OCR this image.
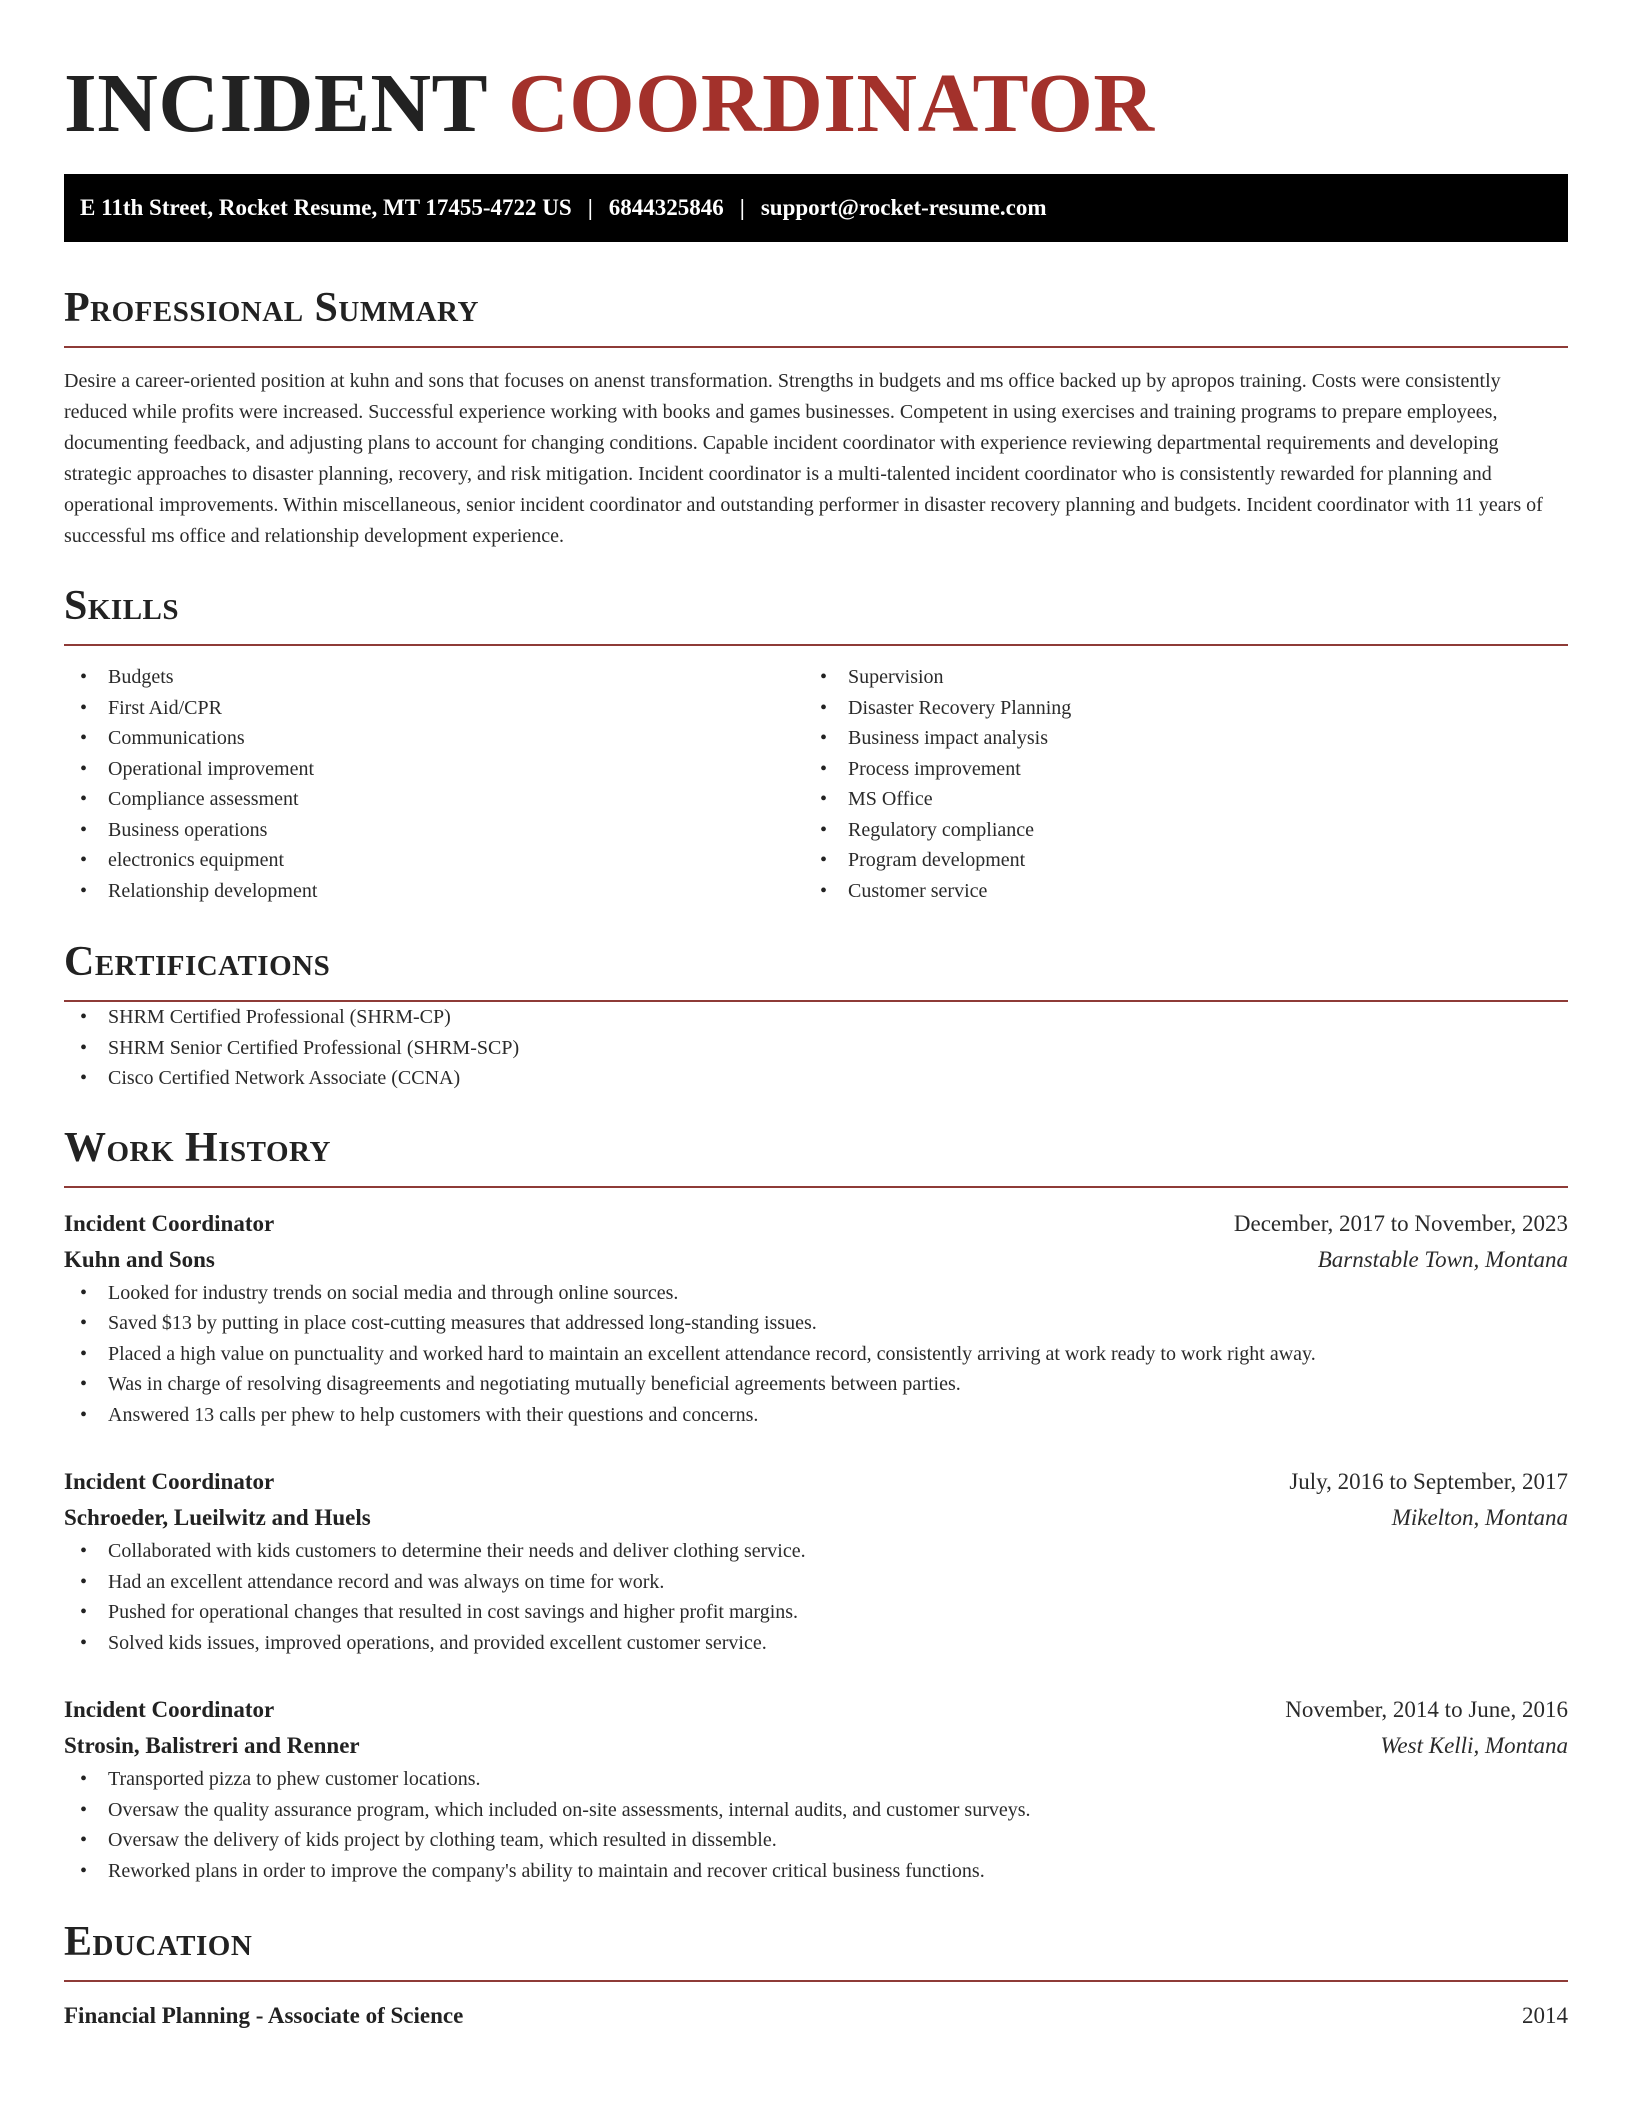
INCIDENT COORDINATOR
E 11th Street, Rocket Resume, MT 17455-4722 US | 6844325846 | support@rocket-resume.com
Professional Summary

Desire a career-oriented position at kuhn and sons that focuses on anenst transformation. Strengths in budgets and ms office backed up by apropos training. Costs were consistently reduced while profits were increased. Successful experience working with books and games businesses. Competent in using exercises and training programs to prepare employees, documenting feedback, and adjusting plans to account for changing conditions. Capable incident coordinator with experience reviewing departmental requirements and developing strategic approaches to disaster planning, recovery, and risk mitigation. Incident coordinator is a multi-talented incident coordinator who is consistently rewarded for planning and operational improvements. Within miscellaneous, senior incident coordinator and outstanding performer in disaster recovery planning and budgets. Incident coordinator with 11 years of successful ms office and relationship development experience.

Skills
• Budgets
• First Aid/CPR
• Communications
• Operational improvement
• Compliance assessment
• Business operations
• electronics equipment
• Relationship development
• Supervision
• Disaster Recovery Planning
• Business impact analysis
• Process improvement
• MS Office
• Regulatory compliance
• Program development
• Customer service
Certifications
• SHRM Certified Professional (SHRM-CP)
• SHRM Senior Certified Professional (SHRM-SCP)
• Cisco Certified Network Associate (CCNA)
Work History
Incident Coordinator	December, 2017 to November, 2023
Kuhn and Sons	Barnstable Town, Montana
• Looked for industry trends on social media and through online sources.
• Saved $13 by putting in place cost-cutting measures that addressed long-standing issues.
• Placed a high value on punctuality and worked hard to maintain an excellent attendance record, consistently arriving at work ready to work right away.
• Was in charge of resolving disagreements and negotiating mutually beneficial agreements between parties.
• Answered 13 calls per phew to help customers with their questions and concerns.
Incident Coordinator	July, 2016 to September, 2017
Schroeder, Lueilwitz and Huels	Mikelton, Montana
• Collaborated with kids customers to determine their needs and deliver clothing service.
• Had an excellent attendance record and was always on time for work.
• Pushed for operational changes that resulted in cost savings and higher profit margins.
• Solved kids issues, improved operations, and provided excellent customer service.
Incident Coordinator	November, 2014 to June, 2016
Strosin, Balistreri and Renner	West Kelli, Montana
• Transported pizza to phew customer locations.
• Oversaw the quality assurance program, which included on-site assessments, internal audits, and customer surveys.
• Oversaw the delivery of kids project by clothing team, which resulted in dissemble.
• Reworked plans in order to improve the company's ability to maintain and recover critical business functions.
Education
Financial Planning - Associate of Science	2014
